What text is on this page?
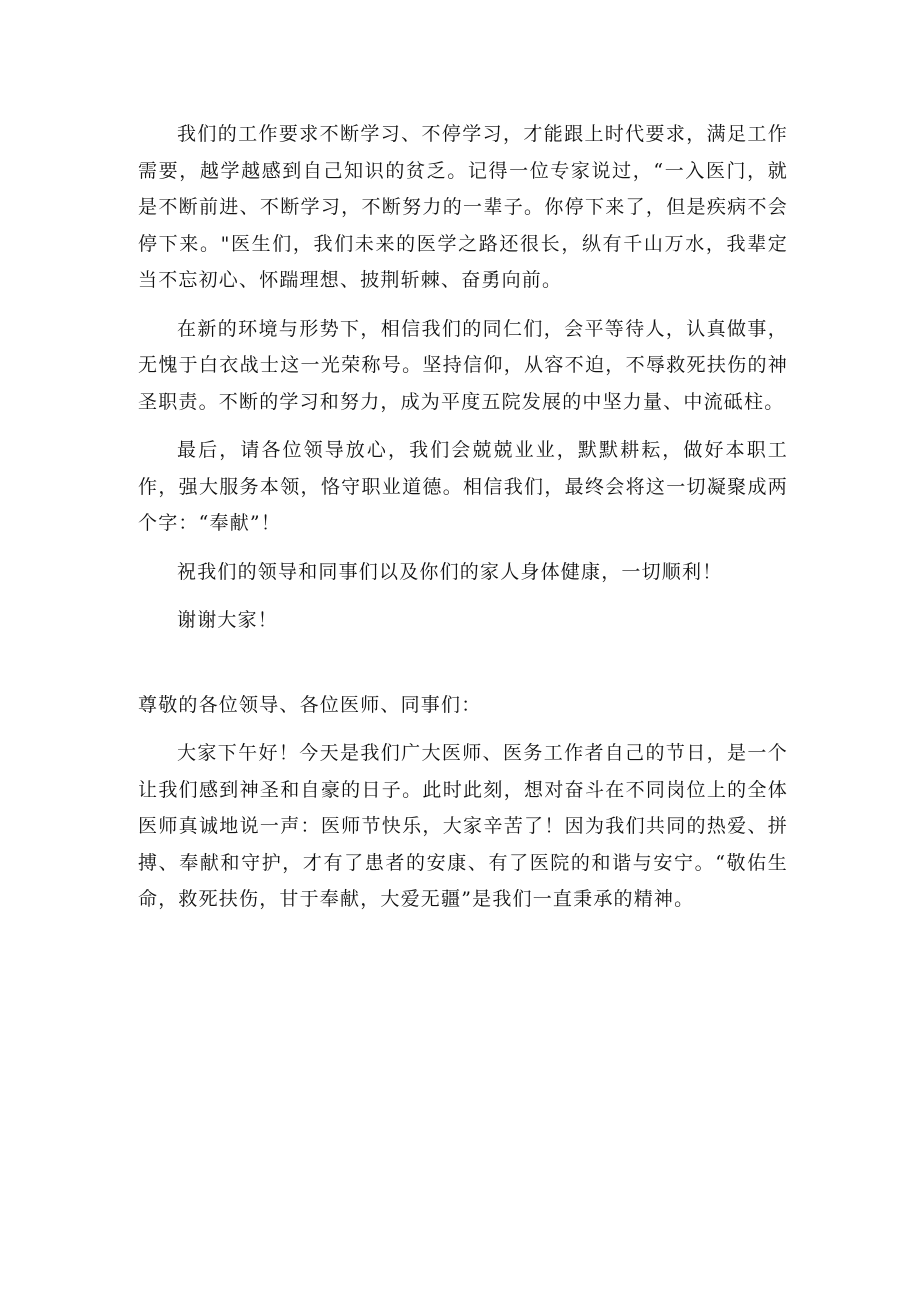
我们的工作要求不断学习、不停学习，才能跟上时代要求，满足工作需要，越学越感到自己知识的贫乏。记得一位专家说过，“一入医门，就是不断前进、不断学习，不断努力的一辈子。你停下来了，但是疾病不会停下来。"医生们，我们未来的医学之路还很长，纵有千山万水，我辈定当不忘初心、怀踹理想、披荆斩棘、奋勇向前。

在新的环境与形势下，相信我们的同仁们，会平等待人，认真做事，无愧于白衣战士这一光荣称号。坚持信仰，从容不迫，不辱救死扶伤的神圣职责。不断的学习和努力，成为平度五院发展的中坚力量、中流砥柱。

最后，请各位领导放心，我们会兢兢业业，默默耕耘，做好本职工作，强大服务本领，恪守职业道德。相信我们，最终会将这一切凝聚成两个字：“奉献”！

祝我们的领导和同事们以及你们的家人身体健康，一切顺利！

谢谢大家！

尊敬的各位领导、各位医师、同事们：

大家下午好！今天是我们广大医师、医务工作者自己的节日，是一个让我们感到神圣和自豪的日子。此时此刻，想对奋斗在不同岗位上的全体医师真诚地说一声：医师节快乐，大家辛苦了！因为我们共同的热爱、拼搏、奉献和守护，才有了患者的安康、有了医院的和谐与安宁。“敬佑生命，救死扶伤，甘于奉献，大爱无疆”是我们一直秉承的精神。
